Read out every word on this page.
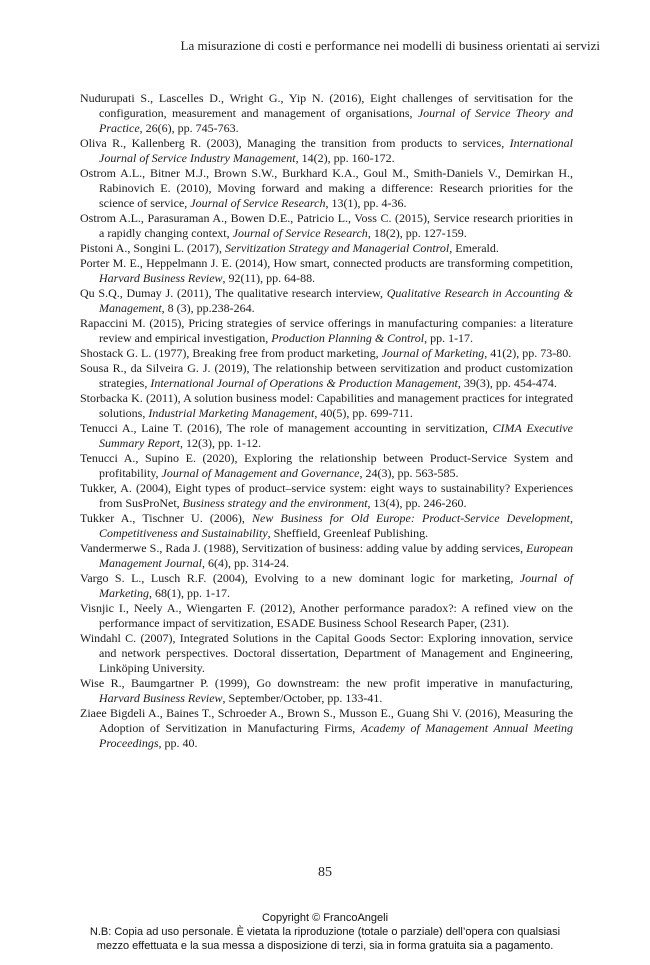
La misurazione di costi e performance nei modelli di business orientati ai servizi

Nudurupati S., Lascelles D., Wright G., Yip N. (2016), Eight challenges of servitisation for the configuration, measurement and management of organisations, Journal of Service Theory and Practice, 26(6), pp. 745-763.

Oliva R., Kallenberg R. (2003), Managing the transition from products to services, International Journal of Service Industry Management, 14(2), pp. 160-172.

Ostrom A.L., Bitner M.J., Brown S.W., Burkhard K.A., Goul M., Smith-Daniels V., Demirkan H., Rabinovich E. (2010), Moving forward and making a difference: Research priorities for the science of service, Journal of Service Research, 13(1), pp. 4-36.

Ostrom A.L., Parasuraman A., Bowen D.E., Patricio L., Voss C. (2015), Service research priorities in a rapidly changing context, Journal of Service Research, 18(2), pp. 127-159.

Pistoni A., Songini L. (2017), Servitization Strategy and Managerial Control, Emerald.

Porter M. E., Heppelmann J. E. (2014), How smart, connected products are transforming competition, Harvard Business Review, 92(11), pp. 64-88.

Qu S.Q., Dumay J. (2011), The qualitative research interview, Qualitative Research in Accounting & Management, 8 (3), pp.238-264.

Rapaccini M. (2015), Pricing strategies of service offerings in manufacturing companies: a literature review and empirical investigation, Production Planning & Control, pp. 1-17.

Shostack G. L. (1977), Breaking free from product marketing, Journal of Marketing, 41(2), pp. 73-80.

Sousa R., da Silveira G. J. (2019), The relationship between servitization and product customization strategies, International Journal of Operations & Production Management, 39(3), pp. 454-474.

Storbacka K. (2011), A solution business model: Capabilities and management practices for integrated solutions, Industrial Marketing Management, 40(5), pp. 699-711.

Tenucci A., Laine T. (2016), The role of management accounting in servitization, CIMA Executive Summary Report, 12(3), pp. 1-12.

Tenucci A., Supino E. (2020), Exploring the relationship between Product-Service System and profitability, Journal of Management and Governance, 24(3), pp. 563-585.

Tukker, A. (2004), Eight types of product–service system: eight ways to sustainability? Experiences from SusProNet, Business strategy and the environment, 13(4), pp. 246-260.

Tukker A., Tischner U. (2006), New Business for Old Europe: Product-Service Development, Competitiveness and Sustainability, Sheffield, Greenleaf Publishing.

Vandermerwe S., Rada J. (1988), Servitization of business: adding value by adding services, European Management Journal, 6(4), pp. 314-24.

Vargo S. L., Lusch R.F. (2004), Evolving to a new dominant logic for marketing, Journal of Marketing, 68(1), pp. 1-17.

Visnjic I., Neely A., Wiengarten F. (2012), Another performance paradox?: A refined view on the performance impact of servitization, ESADE Business School Research Paper, (231).

Windahl C. (2007), Integrated Solutions in the Capital Goods Sector: Exploring innovation, service and network perspectives. Doctoral dissertation, Department of Management and Engineering, Linköping University.

Wise R., Baumgartner P. (1999), Go downstream: the new profit imperative in manufacturing, Harvard Business Review, September/October, pp. 133-41.

Ziaee Bigdeli A., Baines T., Schroeder A., Brown S., Musson E., Guang Shi V. (2016), Measuring the Adoption of Servitization in Manufacturing Firms, Academy of Management Annual Meeting Proceedings, pp. 40.

85
Copyright © FrancoAngeli
N.B: Copia ad uso personale. È vietata la riproduzione (totale o parziale) dell’opera con qualsiasi
mezzo effettuata e la sua messa a disposizione di terzi, sia in forma gratuita sia a pagamento.
